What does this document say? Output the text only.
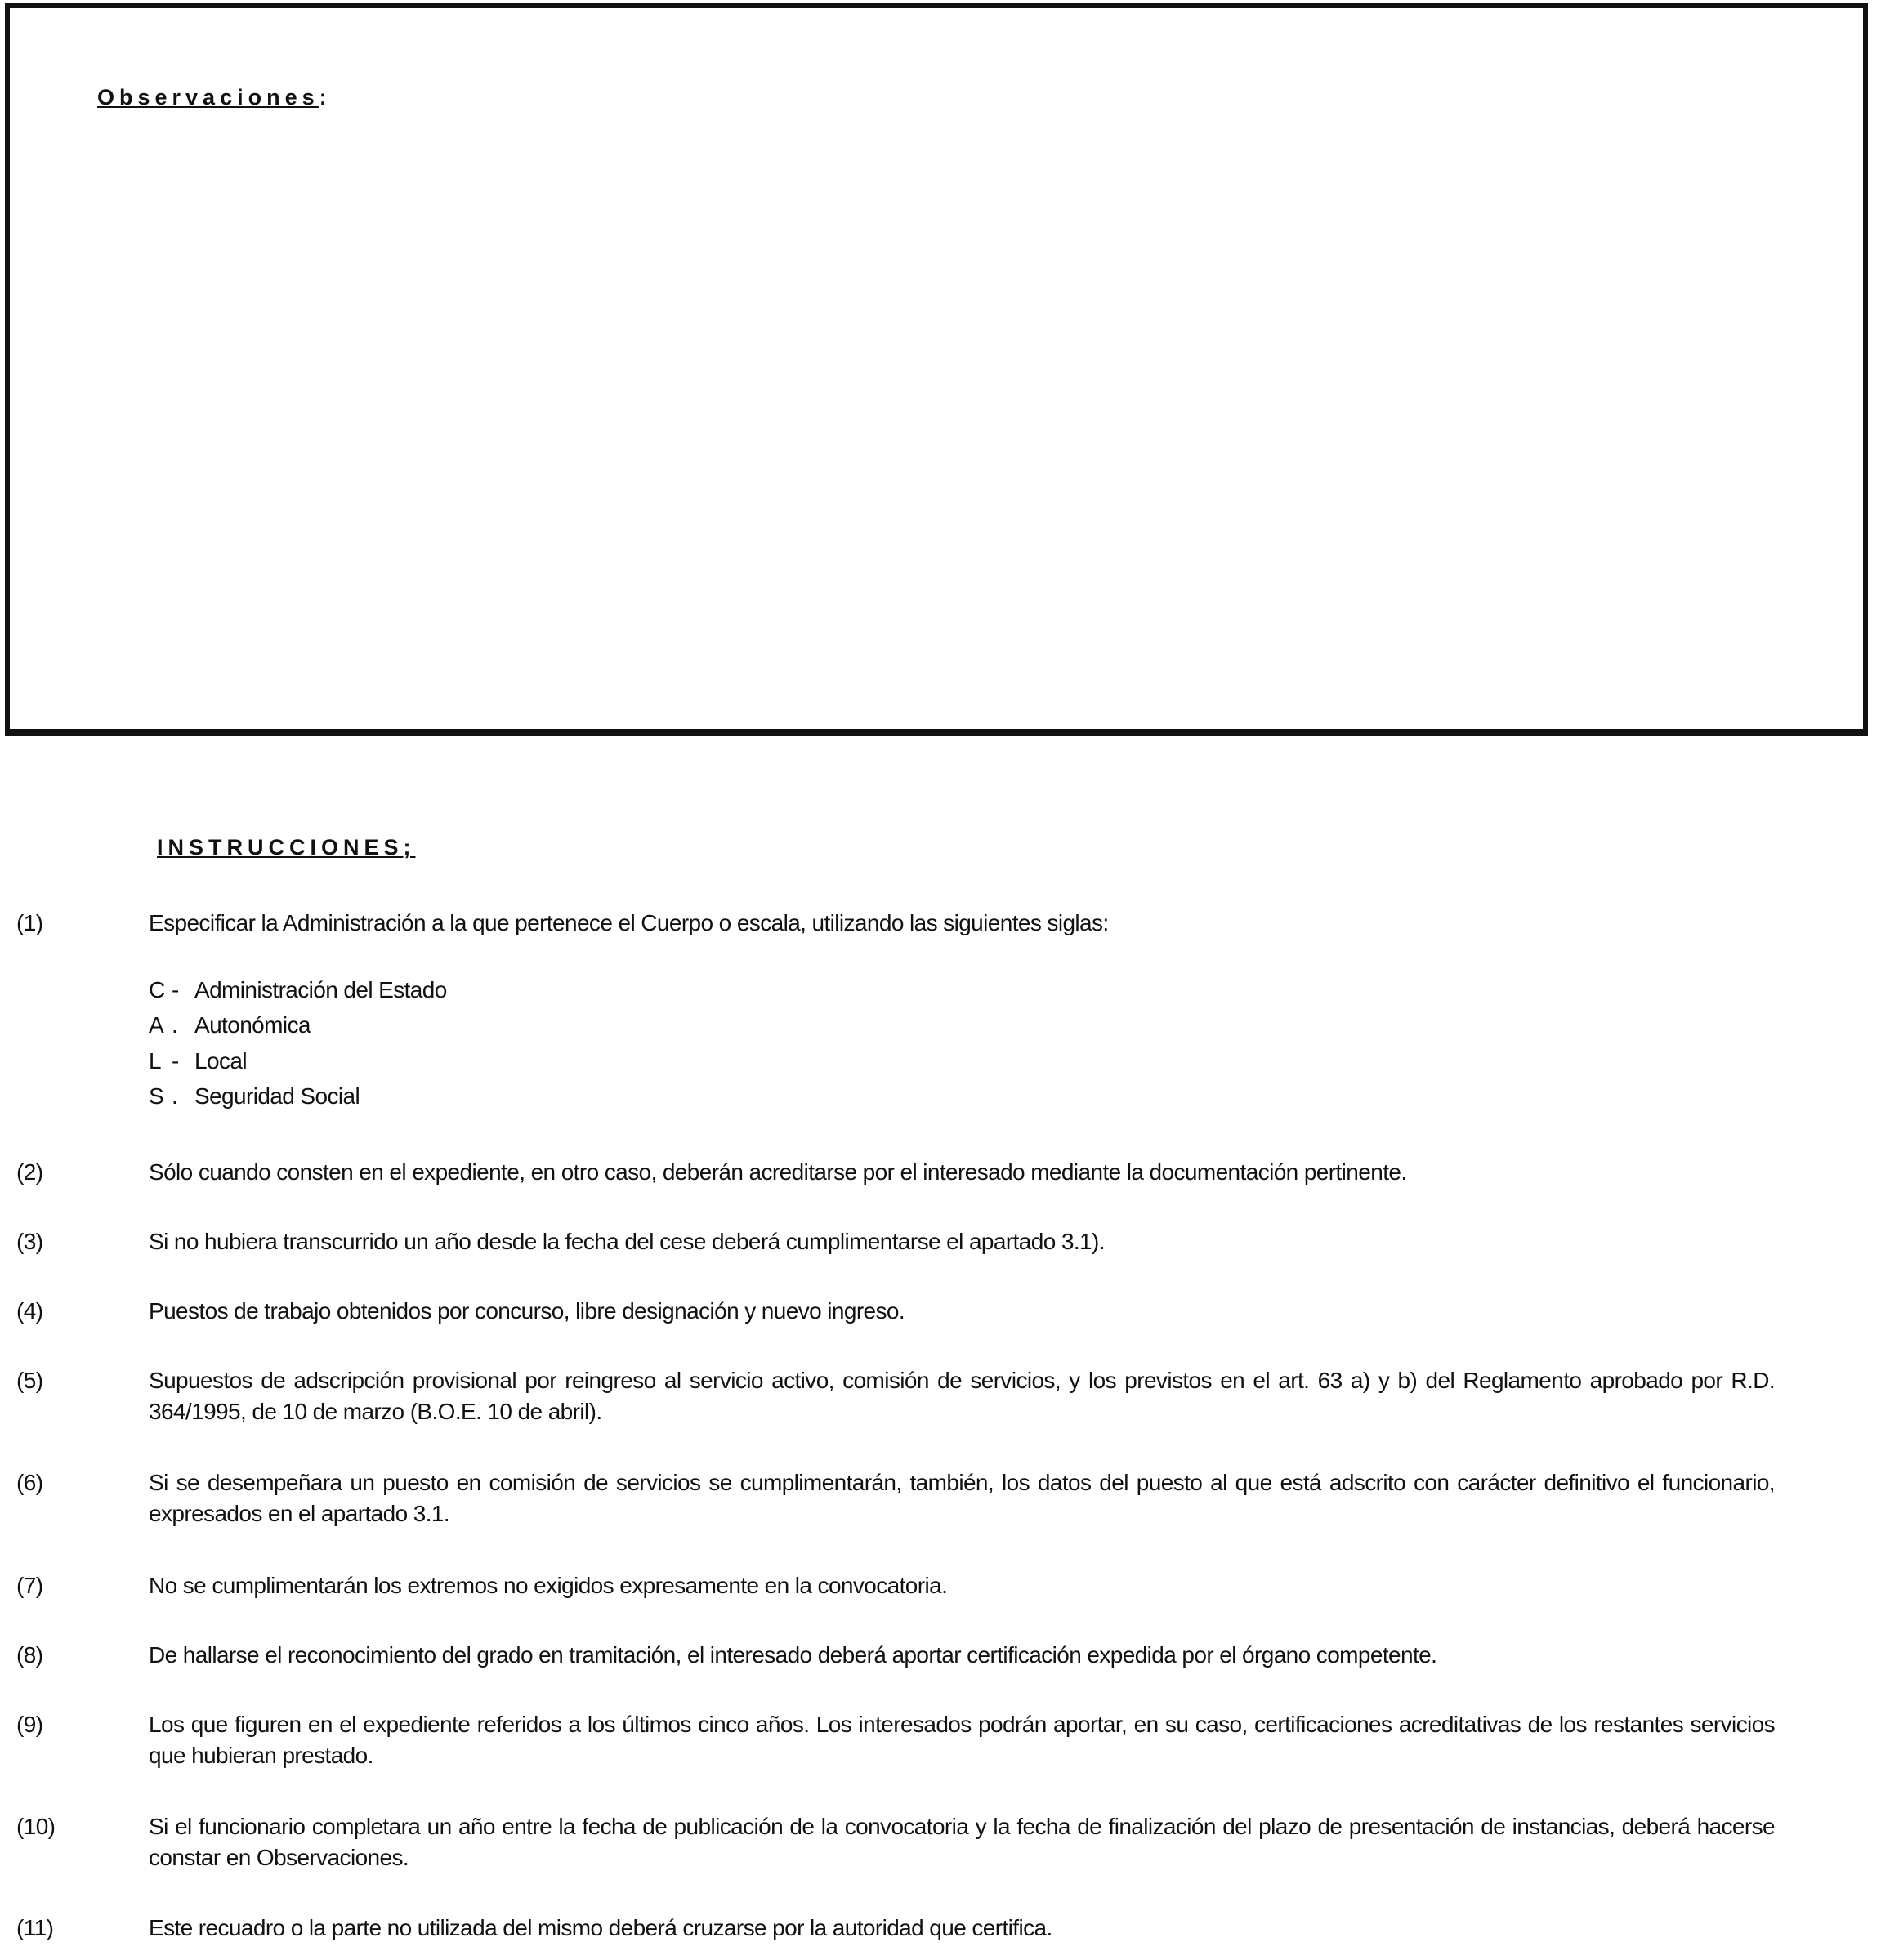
Observaciones:
INSTRUCCIONES;
(1)	Especificar la Administración a la que pertenece el Cuerpo o escala, utilizando las siguientes siglas:
C - Administración del Estado
A . Autonómica
L - Local
S . Seguridad Social
(2)	Sólo cuando consten en el expediente, en otro caso, deberán acreditarse por el interesado mediante la documentación pertinente.
(3)	Si no hubiera transcurrido un año desde la fecha del cese deberá cumplimentarse el apartado 3.1).
(4)	Puestos de trabajo obtenidos por concurso, libre designación y nuevo ingreso.
(5)	Supuestos de adscripción provisional por reingreso al servicio activo, comisión de servicios, y los previstos en el art. 63 a) y b) del Reglamento aprobado por R.D. 364/1995, de 10 de marzo (B.O.E. 10 de abril).
(6)	Si se desempeñara un puesto en comisión de servicios se cumplimentarán, también, los datos del puesto al que está adscrito con carácter definitivo el funcionario, expresados en el apartado 3.1.
(7)	No se cumplimentarán los extremos no exigidos expresamente en la convocatoria.
(8)	De hallarse el reconocimiento del grado en tramitación, el interesado deberá aportar certificación expedida por el órgano competente.
(9)	Los que figuren en el expediente referidos a los últimos cinco años. Los interesados podrán aportar, en su caso, certificaciones acreditativas de los restantes servicios que hubieran prestado.
(10)	Si el funcionario completara un año entre la fecha de publicación de la convocatoria y la fecha de finalización del plazo de presentación de instancias, deberá hacerse constar en Observaciones.
(11)	Este recuadro o la parte no utilizada del mismo deberá cruzarse por la autoridad que certifica.
